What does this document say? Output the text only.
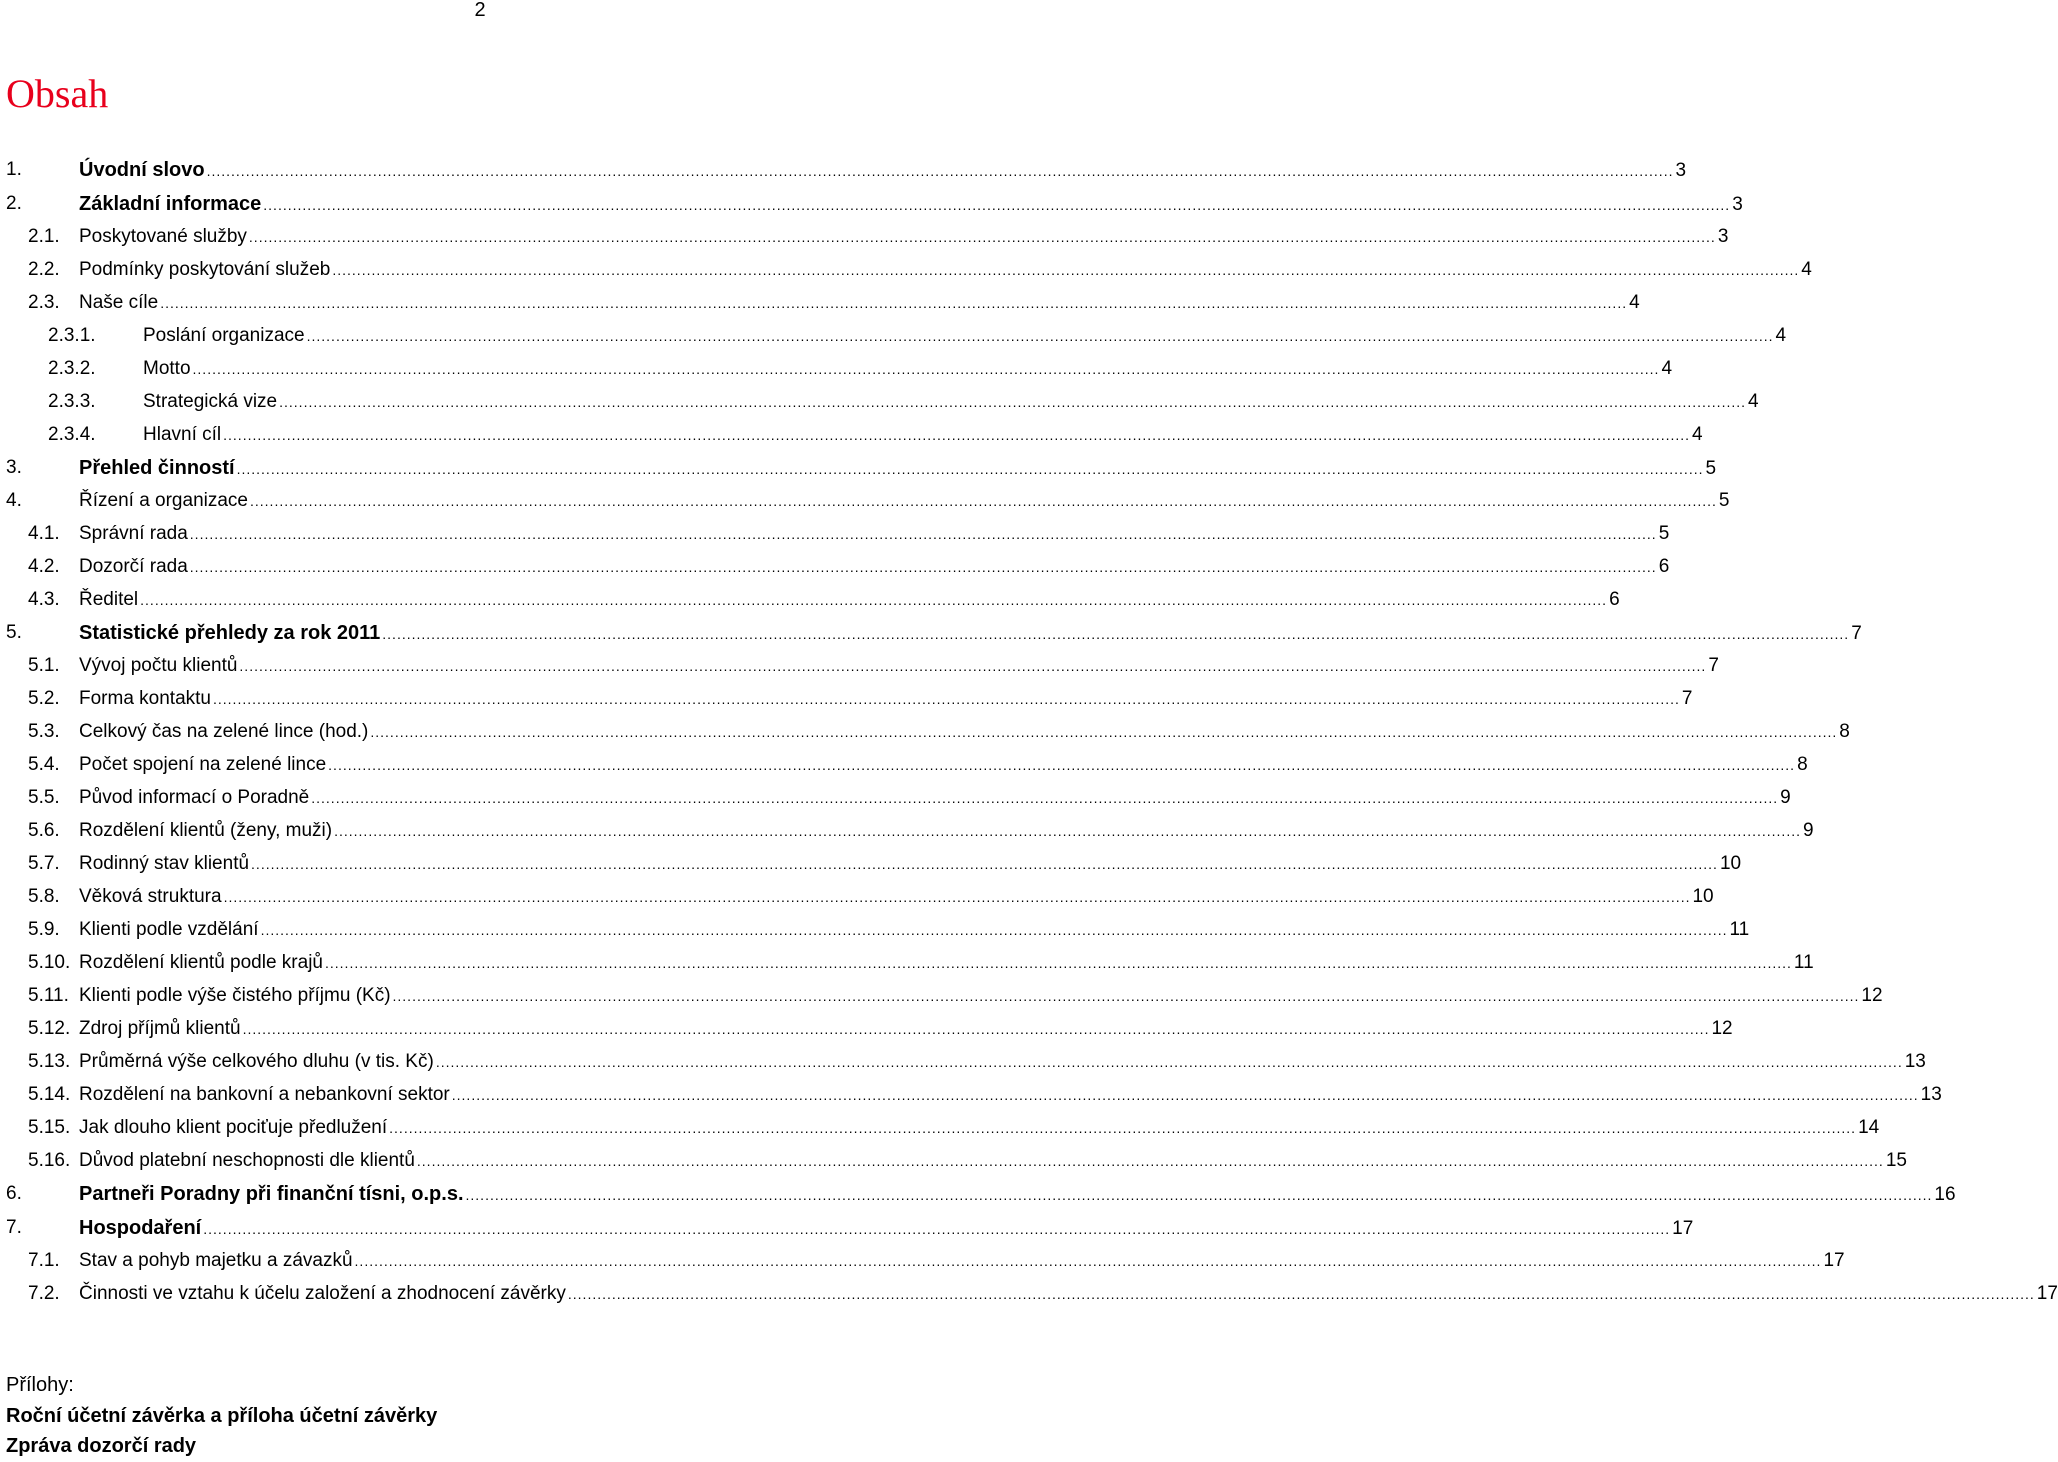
2
Obsah
1.	Úvodní slovo ............................................................................................................................................................................................................................................................................................................ 3
2.	Základní informace ............................................................................................................................................................................................................................................................................................................ 3
2.1. Poskytované služby ............................................................................................................................................................................................................................................................................................................ 3
2.2. Podmínky poskytování služeb ............................................................................................................................................................................................................................................................................................................ 4
2.3. Naše cíle ............................................................................................................................................................................................................................................................................................................ 4
2.3.1. Poslání organizace ............................................................................................................................................................................................................................................................................................................ 4
2.3.2. Motto ............................................................................................................................................................................................................................................................................................................ 4
2.3.3. Strategická vize ............................................................................................................................................................................................................................................................................................................ 4
2.3.4. Hlavní cíl ............................................................................................................................................................................................................................................................................................................ 4
3.	Přehled činností ............................................................................................................................................................................................................................................................................................................ 5
4.	Řízení a organizace ............................................................................................................................................................................................................................................................................................................ 5
4.1. Správní rada ............................................................................................................................................................................................................................................................................................................ 5
4.2. Dozorčí rada ............................................................................................................................................................................................................................................................................................................ 6
4.3. Ředitel ............................................................................................................................................................................................................................................................................................................ 6
5.	Statistické přehledy za rok 2011 ............................................................................................................................................................................................................................................................................................................ 7
5.1. Vývoj počtu klientů ............................................................................................................................................................................................................................................................................................................ 7
5.2. Forma kontaktu ............................................................................................................................................................................................................................................................................................................ 7
5.3. Celkový čas na zelené lince (hod.) ............................................................................................................................................................................................................................................................................................................ 8
5.4. Počet spojení na zelené lince ............................................................................................................................................................................................................................................................................................................ 8
5.5. Původ informací o Poradně ............................................................................................................................................................................................................................................................................................................ 9
5.6. Rozdělení klientů (ženy, muži) ............................................................................................................................................................................................................................................................................................................ 9
5.7. Rodinný stav klientů ............................................................................................................................................................................................................................................................................................................ 10
5.8. Věková struktura ............................................................................................................................................................................................................................................................................................................ 10
5.9. Klienti podle vzdělání ............................................................................................................................................................................................................................................................................................................ 11
5.10. Rozdělení klientů podle krajů ............................................................................................................................................................................................................................................................................................................ 11
5.11. Klienti podle výše čistého příjmu (Kč) ............................................................................................................................................................................................................................................................................................................ 12
5.12. Zdroj příjmů klientů ............................................................................................................................................................................................................................................................................................................ 12
5.13. Průměrná výše celkového dluhu (v tis. Kč) ............................................................................................................................................................................................................................................................................................................ 13
5.14. Rozdělení na bankovní a nebankovní sektor ............................................................................................................................................................................................................................................................................................................ 13
5.15. Jak dlouho klient pociťuje předlužení ............................................................................................................................................................................................................................................................................................................ 14
5.16. Důvod platební neschopnosti dle klientů ............................................................................................................................................................................................................................................................................................................ 15
6.	Partneři Poradny při finanční tísni, o.p.s. ............................................................................................................................................................................................................................................................................................................ 16
7.	Hospodaření ............................................................................................................................................................................................................................................................................................................ 17
7.1. Stav a pohyb majetku a závazků ............................................................................................................................................................................................................................................................................................................ 17
7.2. Činnosti ve vztahu k účelu založení a zhodnocení závěrky ............................................................................................................................................................................................................................................................................................................ 17
Přílohy:
Roční účetní závěrka a příloha účetní závěrky
Zpráva dozorčí rady
